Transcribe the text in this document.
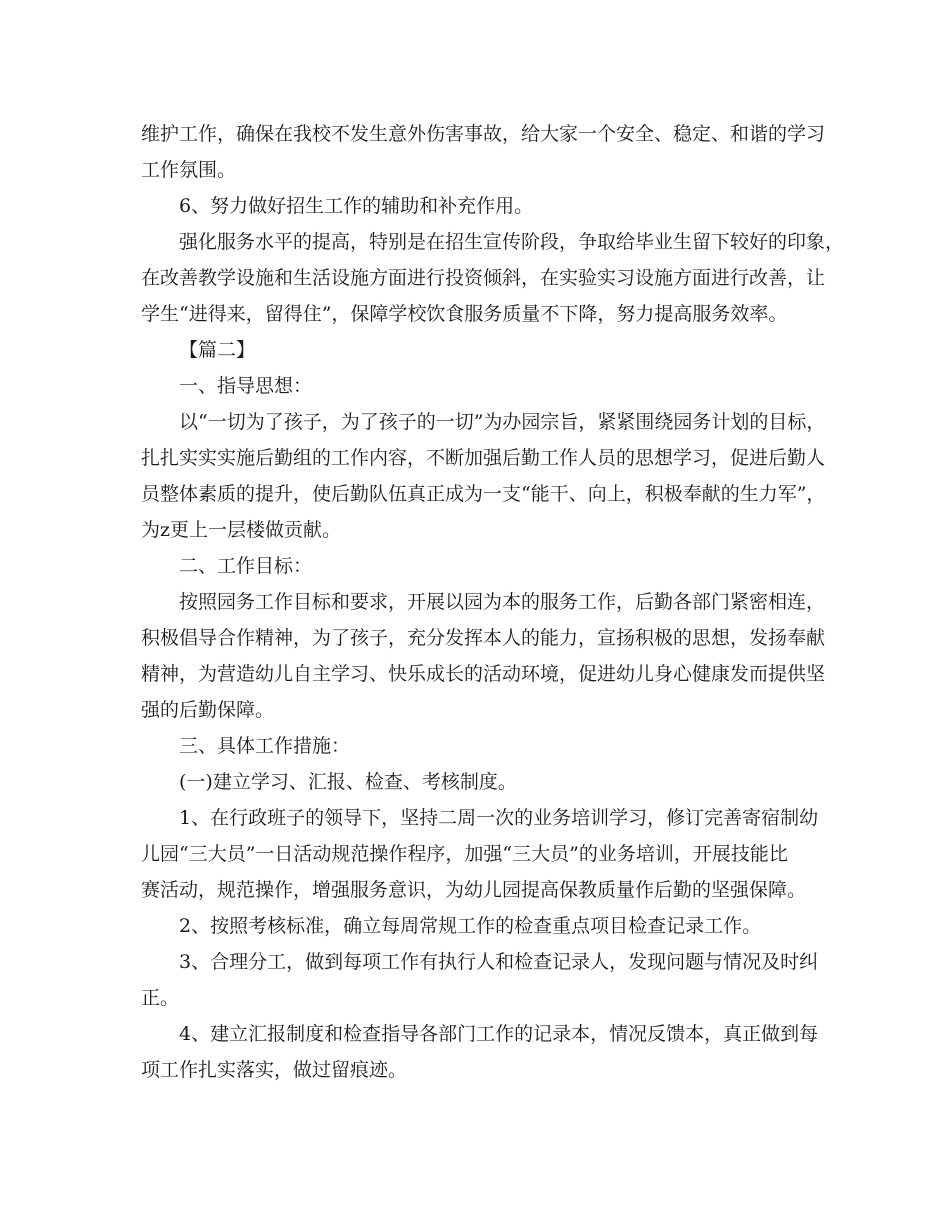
维护工作，确保在我校不发生意外伤害事故，给大家一个安全、稳定、和谐的学习
工作氛围。
6、努力做好招生工作的辅助和补充作用。
强化服务水平的提高，特别是在招生宣传阶段，争取给毕业生留下较好的印象，
在改善教学设施和生活设施方面进行投资倾斜，在实验实习设施方面进行改善，让
学生“进得来，留得住”，保障学校饮食服务质量不下降，努力提高服务效率。
【篇二】
一、指导思想：
以“一切为了孩子，为了孩子的一切”为办园宗旨，紧紧围绕园务计划的目标，
扎扎实实实施后勤组的工作内容，不断加强后勤工作人员的思想学习，促进后勤人
员整体素质的提升，使后勤队伍真正成为一支“能干、向上，积极奉献的生力军”，
为z更上一层楼做贡献。
二、工作目标：
按照园务工作目标和要求，开展以园为本的服务工作，后勤各部门紧密相连，
积极倡导合作精神，为了孩子，充分发挥本人的能力，宣扬积极的思想，发扬奉献
精神，为营造幼儿自主学习、快乐成长的活动环境，促进幼儿身心健康发而提供坚
强的后勤保障。
三、具体工作措施：
(一)建立学习、汇报、检查、考核制度。
1、在行政班子的领导下，坚持二周一次的业务培训学习，修订完善寄宿制幼
儿园“三大员”一日活动规范操作程序，加强“三大员”的业务培训，开展技能比
赛活动，规范操作，增强服务意识，为幼儿园提高保教质量作后勤的坚强保障。
2、按照考核标准，确立每周常规工作的检查重点项目检查记录工作。
3、合理分工，做到每项工作有执行人和检查记录人，发现问题与情况及时纠
正。
4、建立汇报制度和检查指导各部门工作的记录本，情况反馈本，真正做到每
项工作扎实落实，做过留痕迹。
